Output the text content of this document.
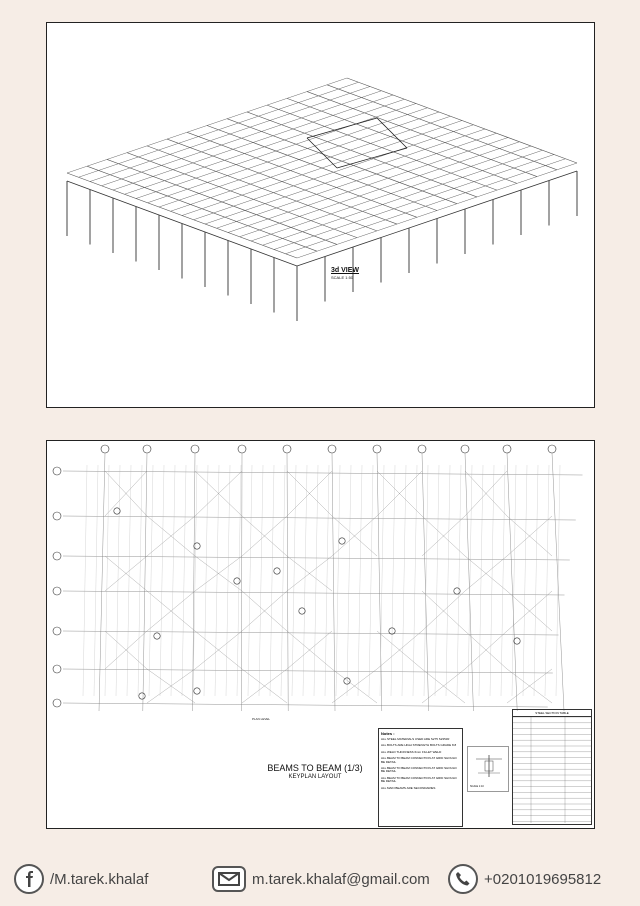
3d VIEW
SCALE 1:50
PLAN LEVEL
BEAMS TO BEAM (1/3)
KEYPLAN LAYOUT
Notes :
ALL STEEL MATERIALS USED ARE S275 S235JR
ALL BOLTS ARE HIGH STRENGTH BOLTS GRADE 8.8
ALL WELD THICKNESS 6mm FILLET WELD
ALL BEAM TO BEAM CONNECTION AT GRID SHOULD BE DETAIL
ALL BEAM TO BEAM CONNECTION AT GRID SHOULD BE DETAIL
ALL BEAM TO BEAM CONNECTION AT GRID SHOULD BE DETAIL
ALL MAIN BEAMS ARE SECONDARIES	SCALE 1:10
STEEL SECTION TABLE
/M.tarek.khalaf	m.tarek.khalaf@gmail.com	+0201019695812
